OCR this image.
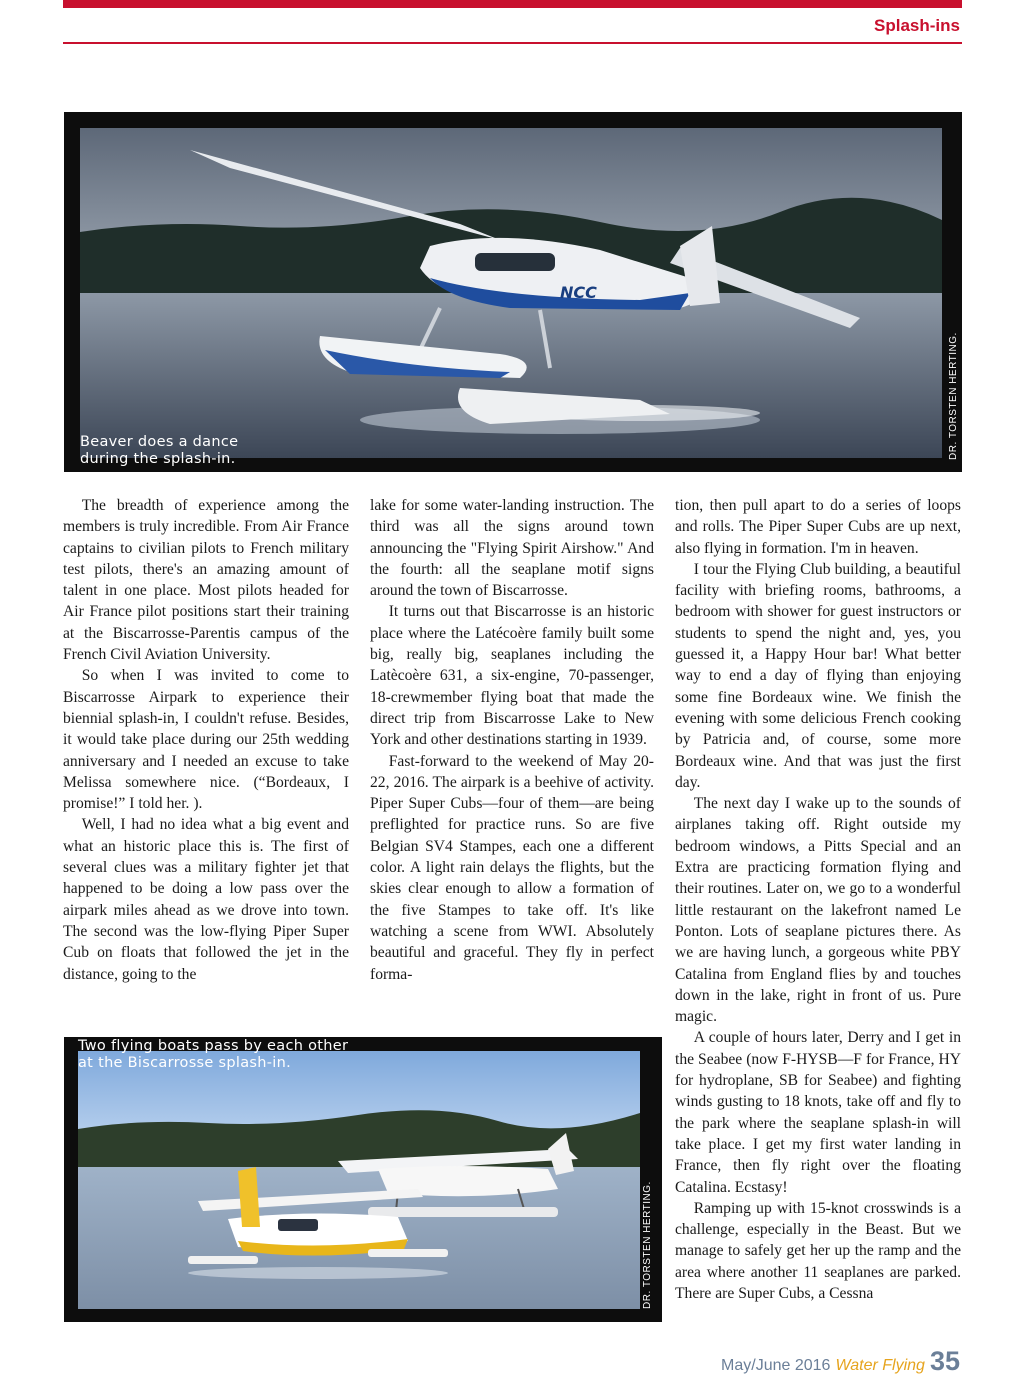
Splash-ins
NCC
DR. TORSTEN HERTING.
Beaver does a dance
during the splash-in.

The breadth of experience among the members is truly incredible. From Air France captains to civilian pilots to French military test pilots, there's an amazing amount of talent in one place. Most pilots headed for Air France pilot positions start their training at the Biscarrosse-Parentis campus of the French Civil Aviation University.

So when I was invited to come to Biscarrosse Airpark to experience their biennial splash-in, I couldn't refuse. Besides, it would take place during our 25th wedding anniversary and I needed an excuse to take Melissa somewhere nice. (“Bordeaux, I promise!” I told her. ).

Well, I had no idea what a big event and what an historic place this is. The first of several clues was a military fighter jet that happened to be doing a low pass over the airpark miles ahead as we drove into town. The second was the low-flying Piper Super Cub on floats that followed the jet in the distance, going to the

lake for some water-landing instruction. The third was all the signs around town announcing the "Flying Spirit Airshow." And the fourth: all the seaplane motif signs around the town of Biscarrosse.

It turns out that Biscarrosse is an historic place where the Latécoère family built some big, really big, seaplanes including the Latècoère 631, a six-engine, 70-passenger, 18-crewmember flying boat that made the direct trip from Biscarrosse Lake to New York and other destinations starting in 1939.

Fast-forward to the weekend of May 20-22, 2016. The airpark is a beehive of activity. Piper Super Cubs—four of them—are being preflighted for practice runs. So are five Belgian SV4 Stampes, each one a different color. A light rain delays the flights, but the skies clear enough to allow a formation of the five Stampes to take off. It's like watching a scene from WWI. Absolutely beautiful and graceful. They fly in perfect forma-

tion, then pull apart to do a series of loops and rolls. The Piper Super Cubs are up next, also flying in formation. I'm in heaven.

I tour the Flying Club building, a beautiful facility with briefing rooms, bathrooms, a bedroom with shower for guest instructors or students to spend the night and, yes, you guessed it, a Happy Hour bar! What better way to end a day of flying than enjoying some fine Bordeaux wine. We finish the evening with some delicious French cooking by Patricia and, of course, some more Bordeaux wine. And that was just the first day.

The next day I wake up to the sounds of airplanes taking off. Right outside my bedroom windows, a Pitts Special and an Extra are practicing formation flying and their routines. Later on, we go to a wonderful little restaurant on the lakefront named Le Ponton. Lots of seaplane pictures there. As we are having lunch, a gorgeous white PBY Catalina from England flies by and touches down in the lake, right in front of us. Pure magic.

A couple of hours later, Derry and I get in the Seabee (now F-HYSB—F for France, HY for hydroplane, SB for Seabee) and fighting winds gusting to 18 knots, take off and fly to the park where the seaplane splash-in will take place. I get my first water landing in France, then fly right over the floating Catalina. Ecstasy!

Ramping up with 15-knot crosswinds is a challenge, especially in the Beast. But we manage to safely get her up the ramp and the area where another 11 seaplanes are parked. There are Super Cubs, a Cessna

DR. TORSTEN HERTING.
Two flying boats pass by each other
at the Biscarrosse splash-in.
May/June 2016 Water Flying 35
